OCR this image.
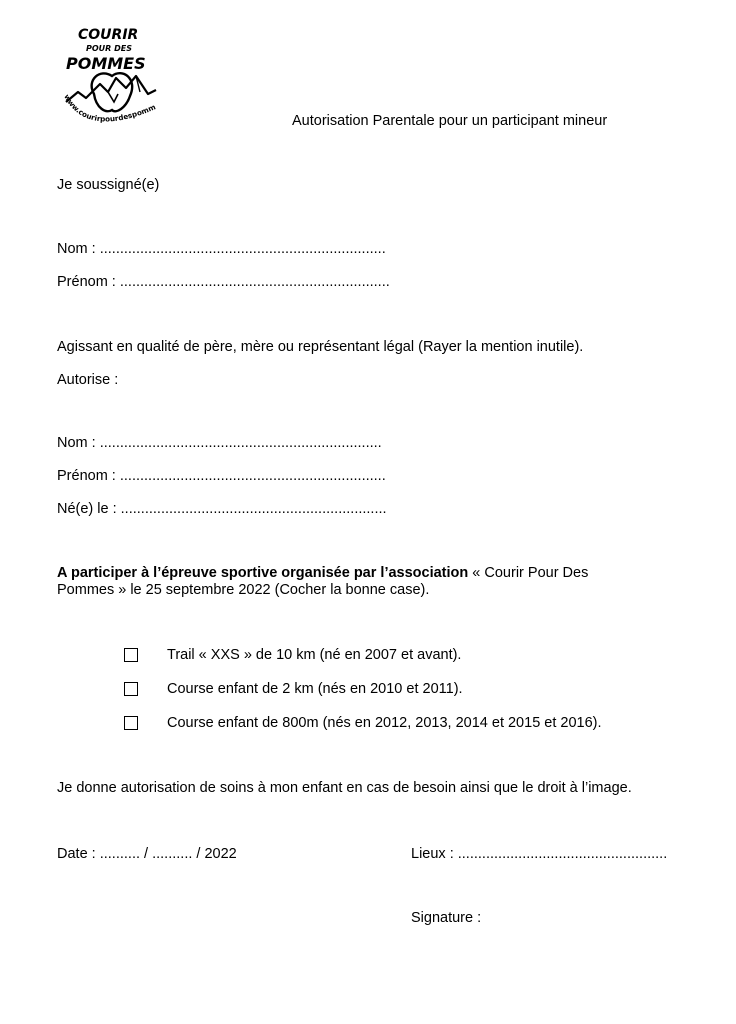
www.courirpourdespomm
COURIR
POUR DES
POMMES
Autorisation Parentale pour un participant mineur
Je soussigné(e)
Nom : .......................................................................
Prénom : ...................................................................
Agissant en qualité de père, mère ou représentant légal (Rayer la mention inutile).
Autorise :
Nom : ......................................................................
Prénom : ..................................................................
Né(e) le : ..................................................................
A participer à l’épreuve sportive organisée par l’association « Courir Pour Des
Pommes » le 25 septembre 2022 (Cocher la bonne case).
Trail « XXS » de 10 km (né en 2007 et avant).
Course enfant de 2 km (nés en 2010 et 2011).
Course enfant de 800m (nés en 2012, 2013, 2014 et 2015 et 2016).
Je donne autorisation de soins à mon enfant en cas de besoin ainsi que le droit à l’image.
Date : .......... / .......... / 2022	Lieux : ....................................................
Signature :
